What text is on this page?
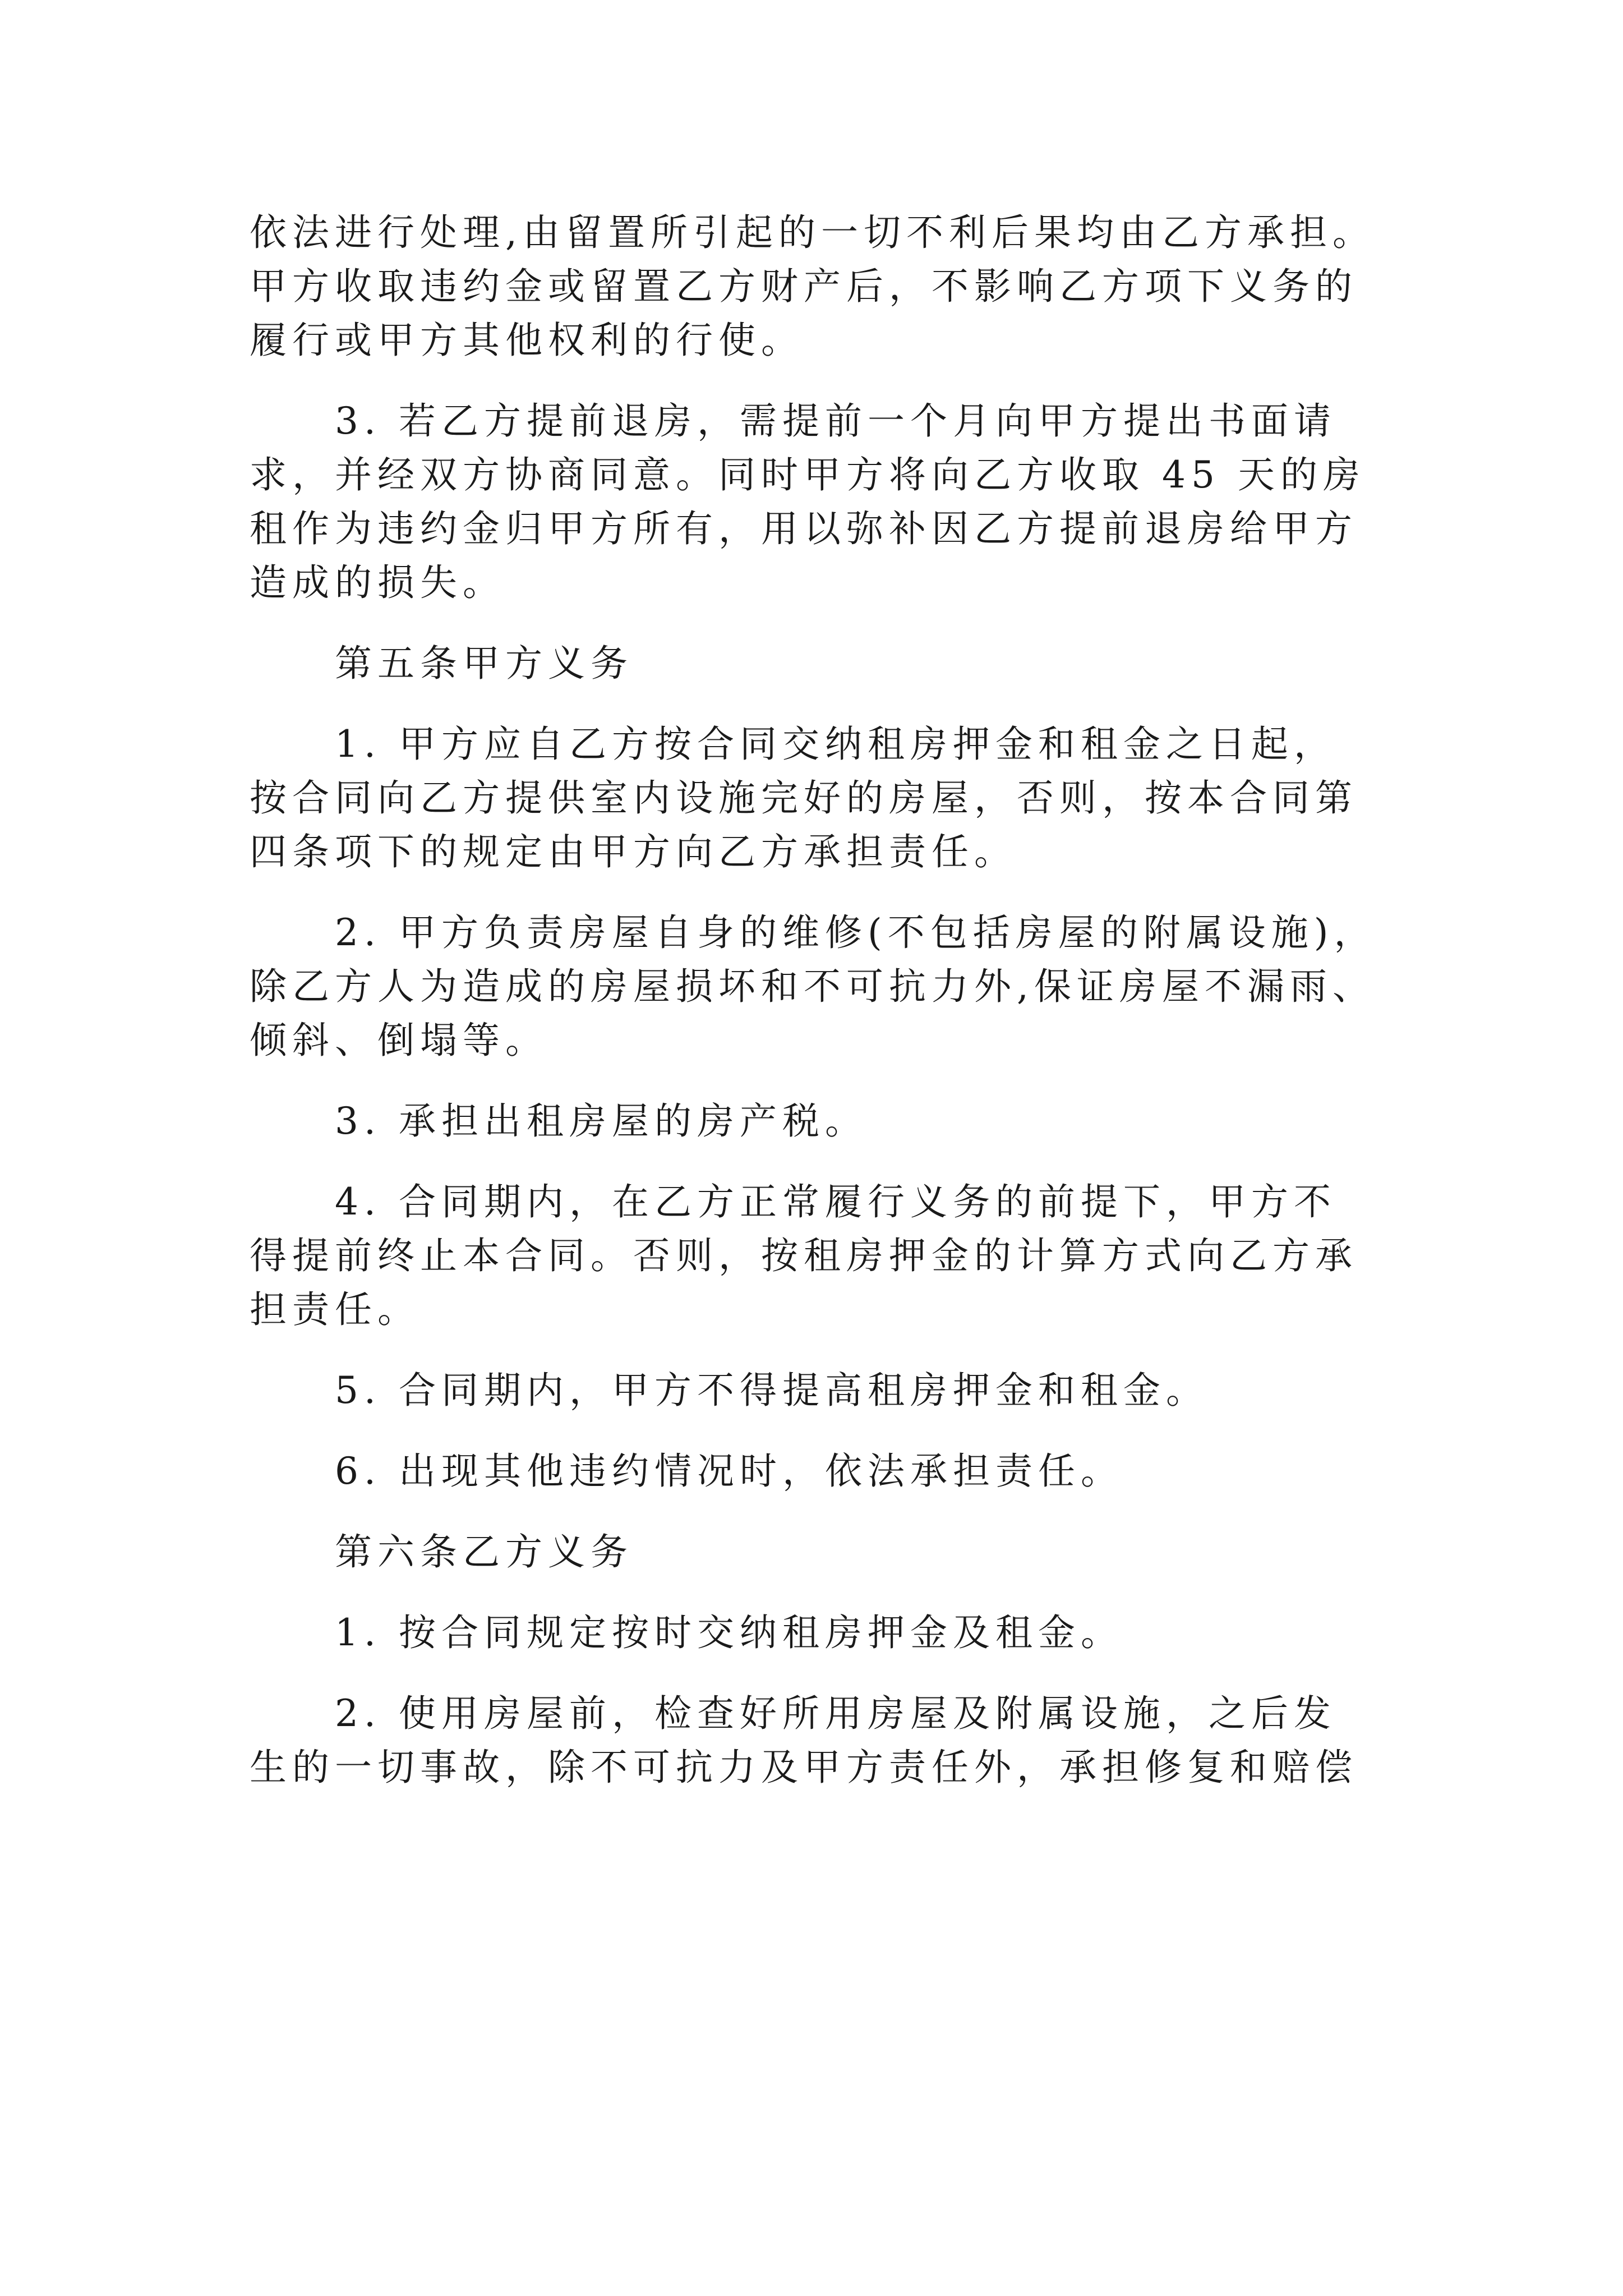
依法进行处理,由留置所引起的一切不利后果均由乙方承担。
甲方收取违约金或留置乙方财产后，不影响乙方项下义务的
履行或甲方其他权利的行使。
3. 若乙方提前退房，需提前一个月向甲方提出书面请
求，并经双方协商同意。同时甲方将向乙方收取 45 天的房
租作为违约金归甲方所有，用以弥补因乙方提前退房给甲方
造成的损失。
第五条甲方义务
1. 甲方应自乙方按合同交纳租房押金和租金之日起，
按合同向乙方提供室内设施完好的房屋，否则，按本合同第
四条项下的规定由甲方向乙方承担责任。
2. 甲方负责房屋自身的维修(不包括房屋的附属设施)，
除乙方人为造成的房屋损坏和不可抗力外,保证房屋不漏雨、
倾斜、倒塌等。
3. 承担出租房屋的房产税。
4. 合同期内，在乙方正常履行义务的前提下，甲方不
得提前终止本合同。否则，按租房押金的计算方式向乙方承
担责任。
5. 合同期内，甲方不得提高租房押金和租金。
6. 出现其他违约情况时，依法承担责任。
第六条乙方义务
1. 按合同规定按时交纳租房押金及租金。
2. 使用房屋前，检查好所用房屋及附属设施，之后发
生的一切事故，除不可抗力及甲方责任外，承担修复和赔偿
